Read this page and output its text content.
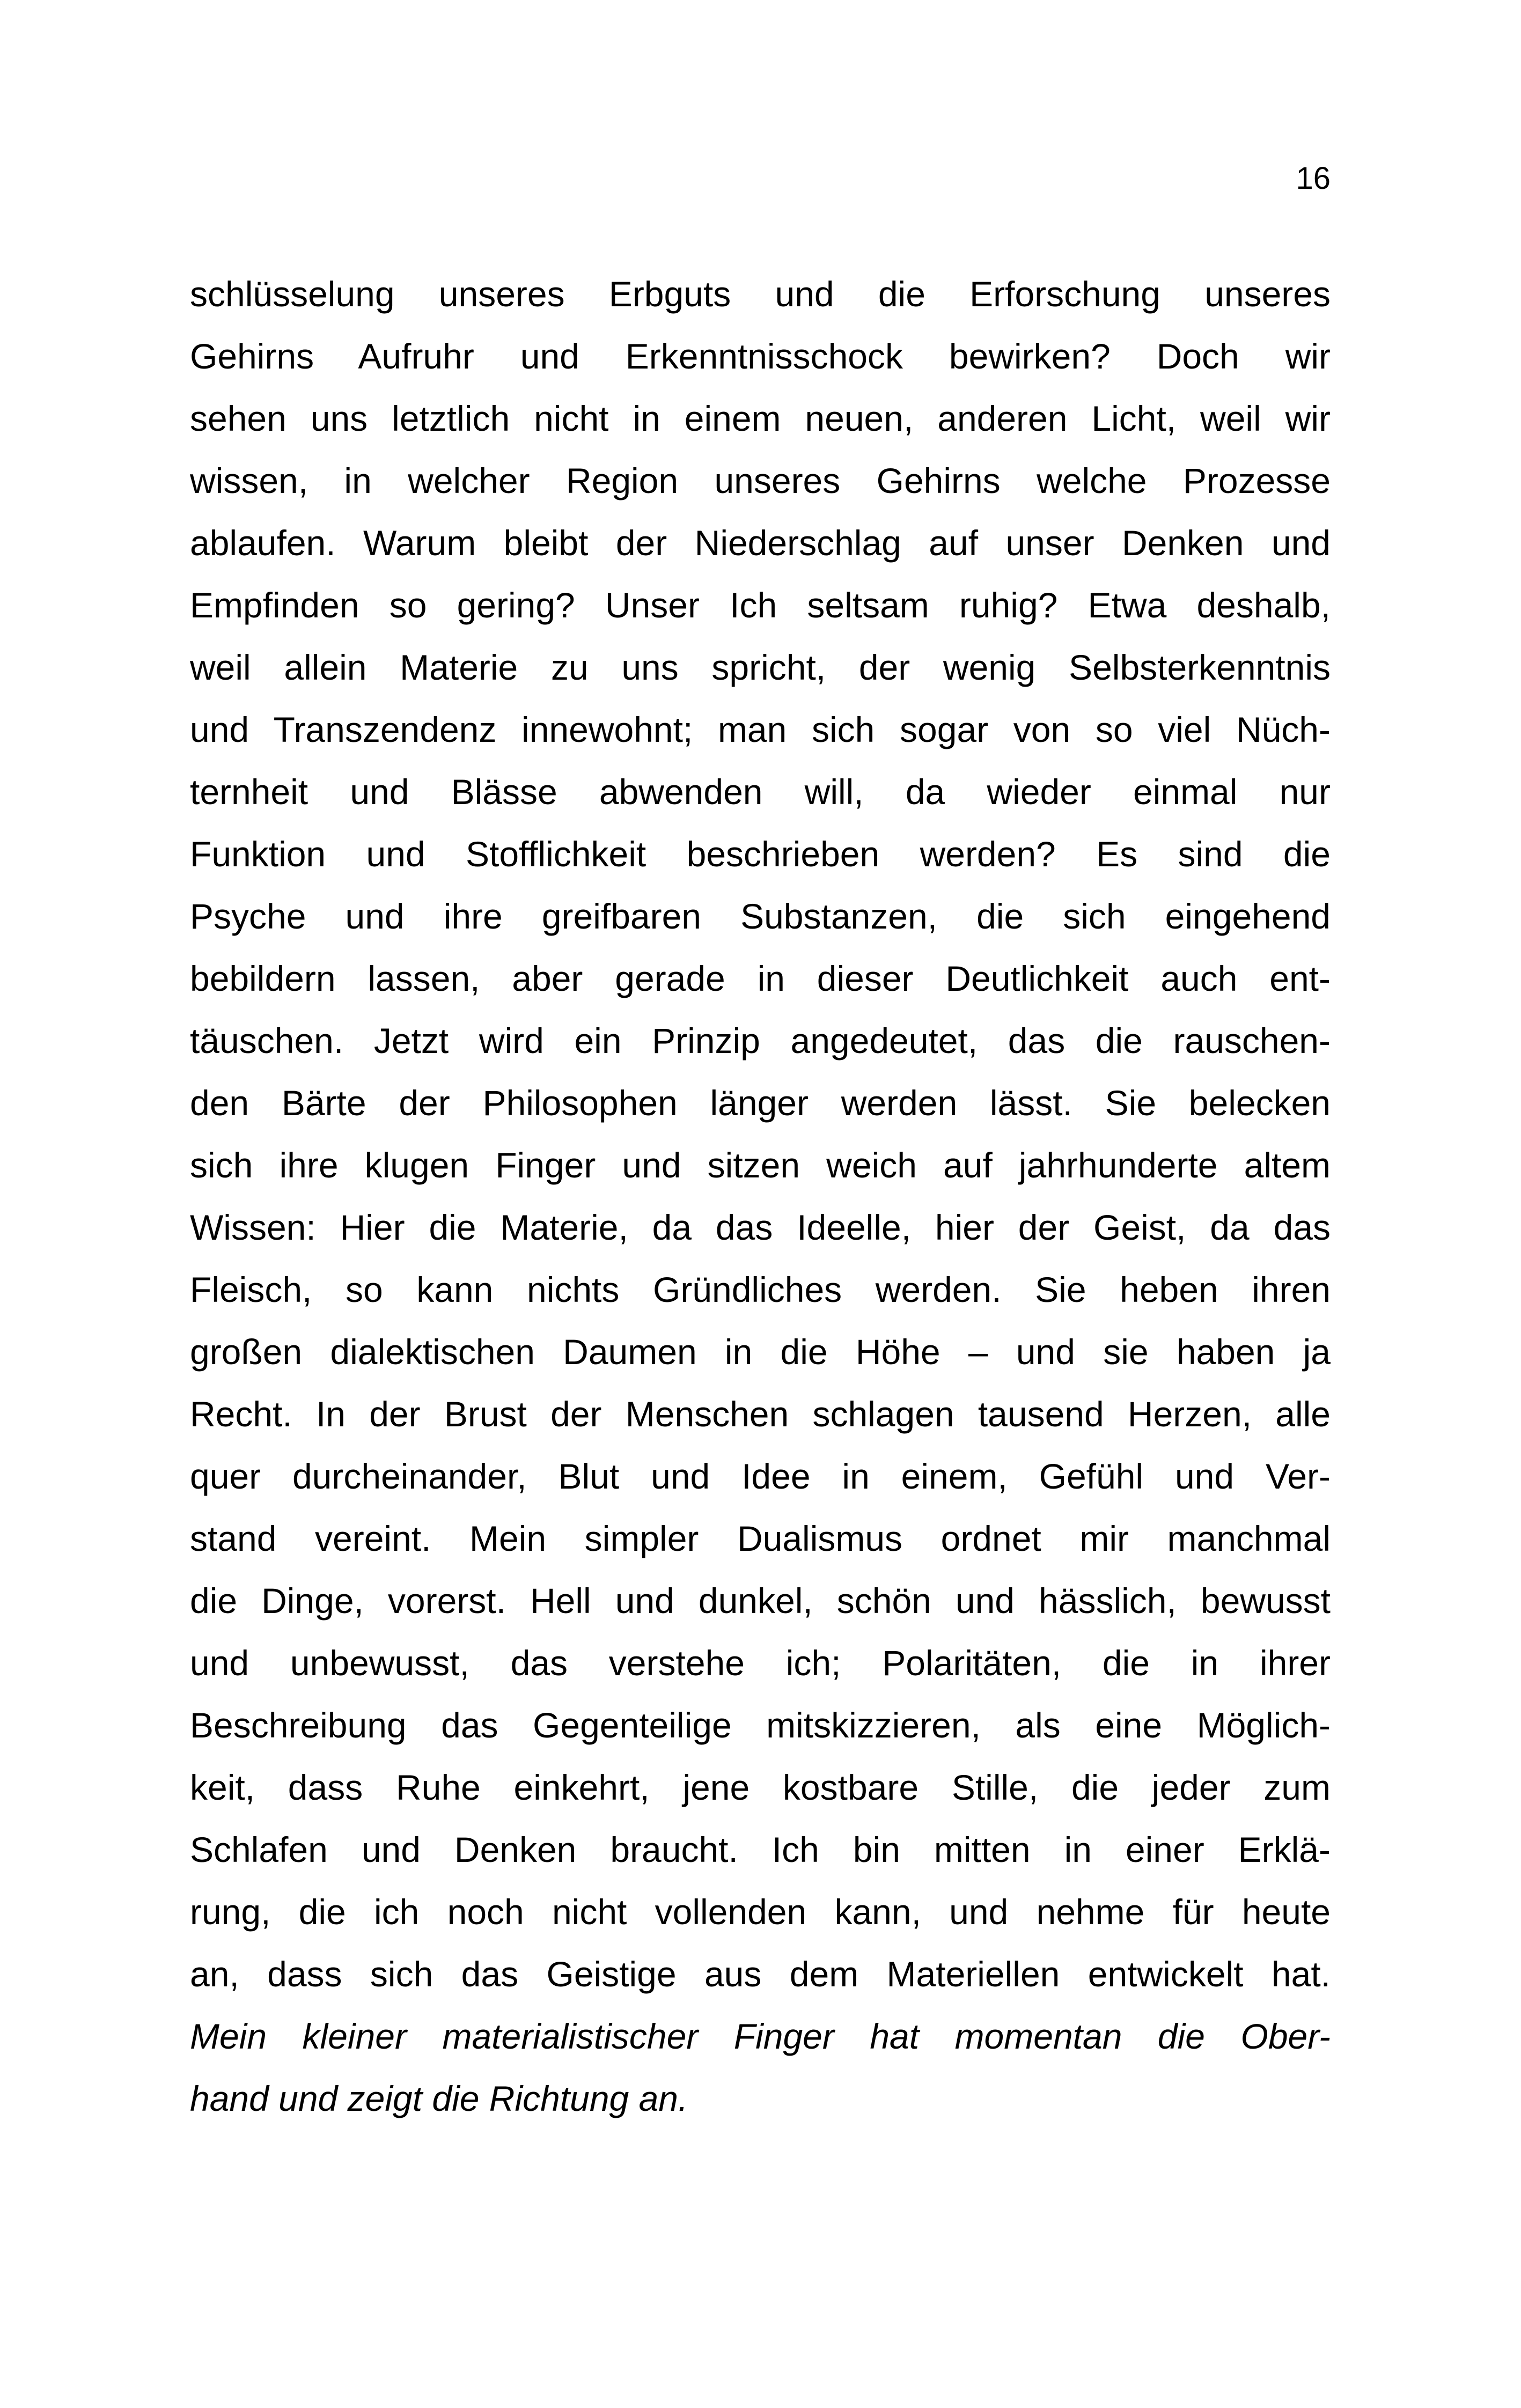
16
schlüsselung unseres Erbguts und die Erforschung unseres
Gehirns Aufruhr und Erkenntnisschock bewirken? Doch wir
sehen uns letztlich nicht in einem neuen, anderen Licht, weil wir
wissen, in welcher Region unseres Gehirns welche Prozesse
ablaufen. Warum bleibt der Niederschlag auf unser Denken und
Empfinden so gering? Unser Ich seltsam ruhig? Etwa deshalb,
weil allein Materie zu uns spricht, der wenig Selbsterkenntnis
und Transzendenz innewohnt; man sich sogar von so viel Nüch-
ternheit und Blässe abwenden will, da wieder einmal nur
Funktion und Stofflichkeit beschrieben werden? Es sind die
Psyche und ihre greifbaren Substanzen, die sich eingehend
bebildern lassen, aber gerade in dieser Deutlichkeit auch ent-
täuschen. Jetzt wird ein Prinzip angedeutet, das die rauschen-
den Bärte der Philosophen länger werden lässt. Sie belecken
sich ihre klugen Finger und sitzen weich auf jahrhunderte altem
Wissen: Hier die Materie, da das Ideelle, hier der Geist, da das
Fleisch, so kann nichts Gründliches werden. Sie heben ihren
großen dialektischen Daumen in die Höhe – und sie haben ja
Recht. In der Brust der Menschen schlagen tausend Herzen, alle
quer durcheinander, Blut und Idee in einem, Gefühl und Ver-
stand vereint. Mein simpler Dualismus ordnet mir manchmal
die Dinge, vorerst. Hell und dunkel, schön und hässlich, bewusst
und unbewusst, das verstehe ich; Polaritäten, die in ihrer
Beschreibung das Gegenteilige mitskizzieren, als eine Möglich-
keit, dass Ruhe einkehrt, jene kostbare Stille, die jeder zum
Schlafen und Denken braucht. Ich bin mitten in einer Erklä-
rung, die ich noch nicht vollenden kann, und nehme für heute
an, dass sich das Geistige aus dem Materiellen entwickelt hat.
Mein kleiner materialistischer Finger hat momentan die Ober-
hand und zeigt die Richtung an.
